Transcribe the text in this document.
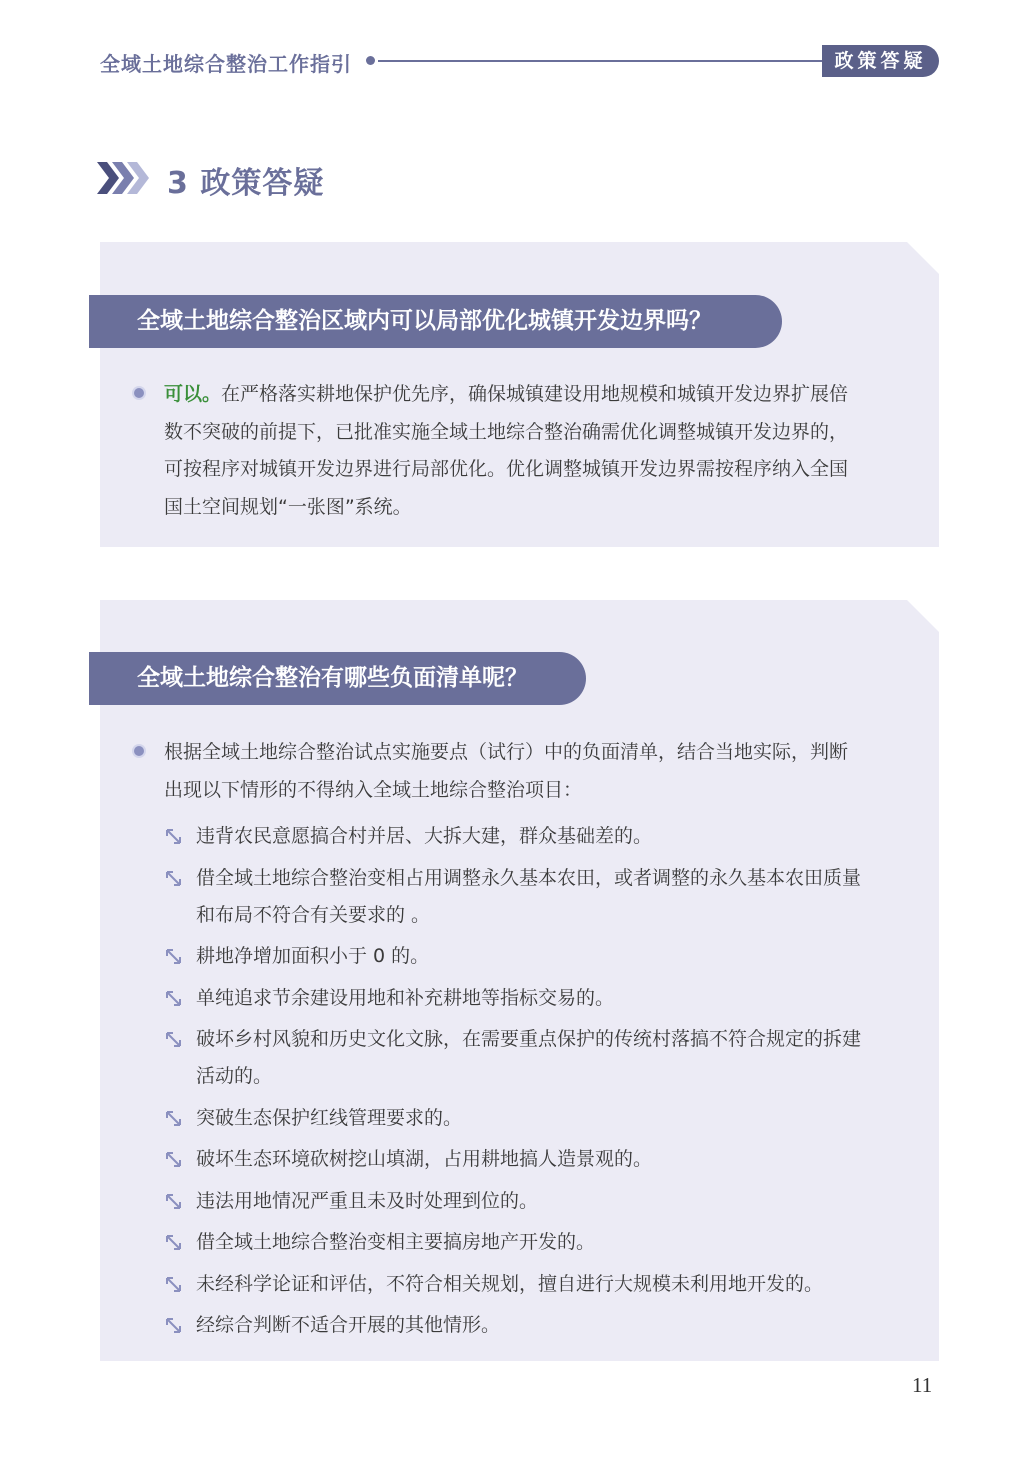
全域土地综合整治工作指引	政策答疑
3 政策答疑
全域土地综合整治区域内可以局部优化城镇开发边界吗？
可以。在严格落实耕地保护优先序，确保城镇建设用地规模和城镇开发边界扩展倍数不突破的前提下，已批准实施全域土地综合整治确需优化调整城镇开发边界的，可按程序对城镇开发边界进行局部优化。优化调整城镇开发边界需按程序纳入全国国土空间规划“一张图”系统。
全域土地综合整治有哪些负面清单呢？
根据全域土地综合整治试点实施要点（试行）中的负面清单，结合当地实际，判断出现以下情形的不得纳入全域土地综合整治项目：
违背农民意愿搞合村并居、大拆大建，群众基础差的。
借全域土地综合整治变相占用调整永久基本农田，或者调整的永久基本农田质量和布局不符合有关要求的 。
耕地净增加面积小于 0 的。
单纯追求节余建设用地和补充耕地等指标交易的。
破坏乡村风貌和历史文化文脉，在需要重点保护的传统村落搞不符合规定的拆建活动的。
突破生态保护红线管理要求的。
破坏生态环境砍树挖山填湖，占用耕地搞人造景观的。
违法用地情况严重且未及时处理到位的。
借全域土地综合整治变相主要搞房地产开发的。
未经科学论证和评估，不符合相关规划，擅自进行大规模未利用地开发的。
经综合判断不适合开展的其他情形。
11
